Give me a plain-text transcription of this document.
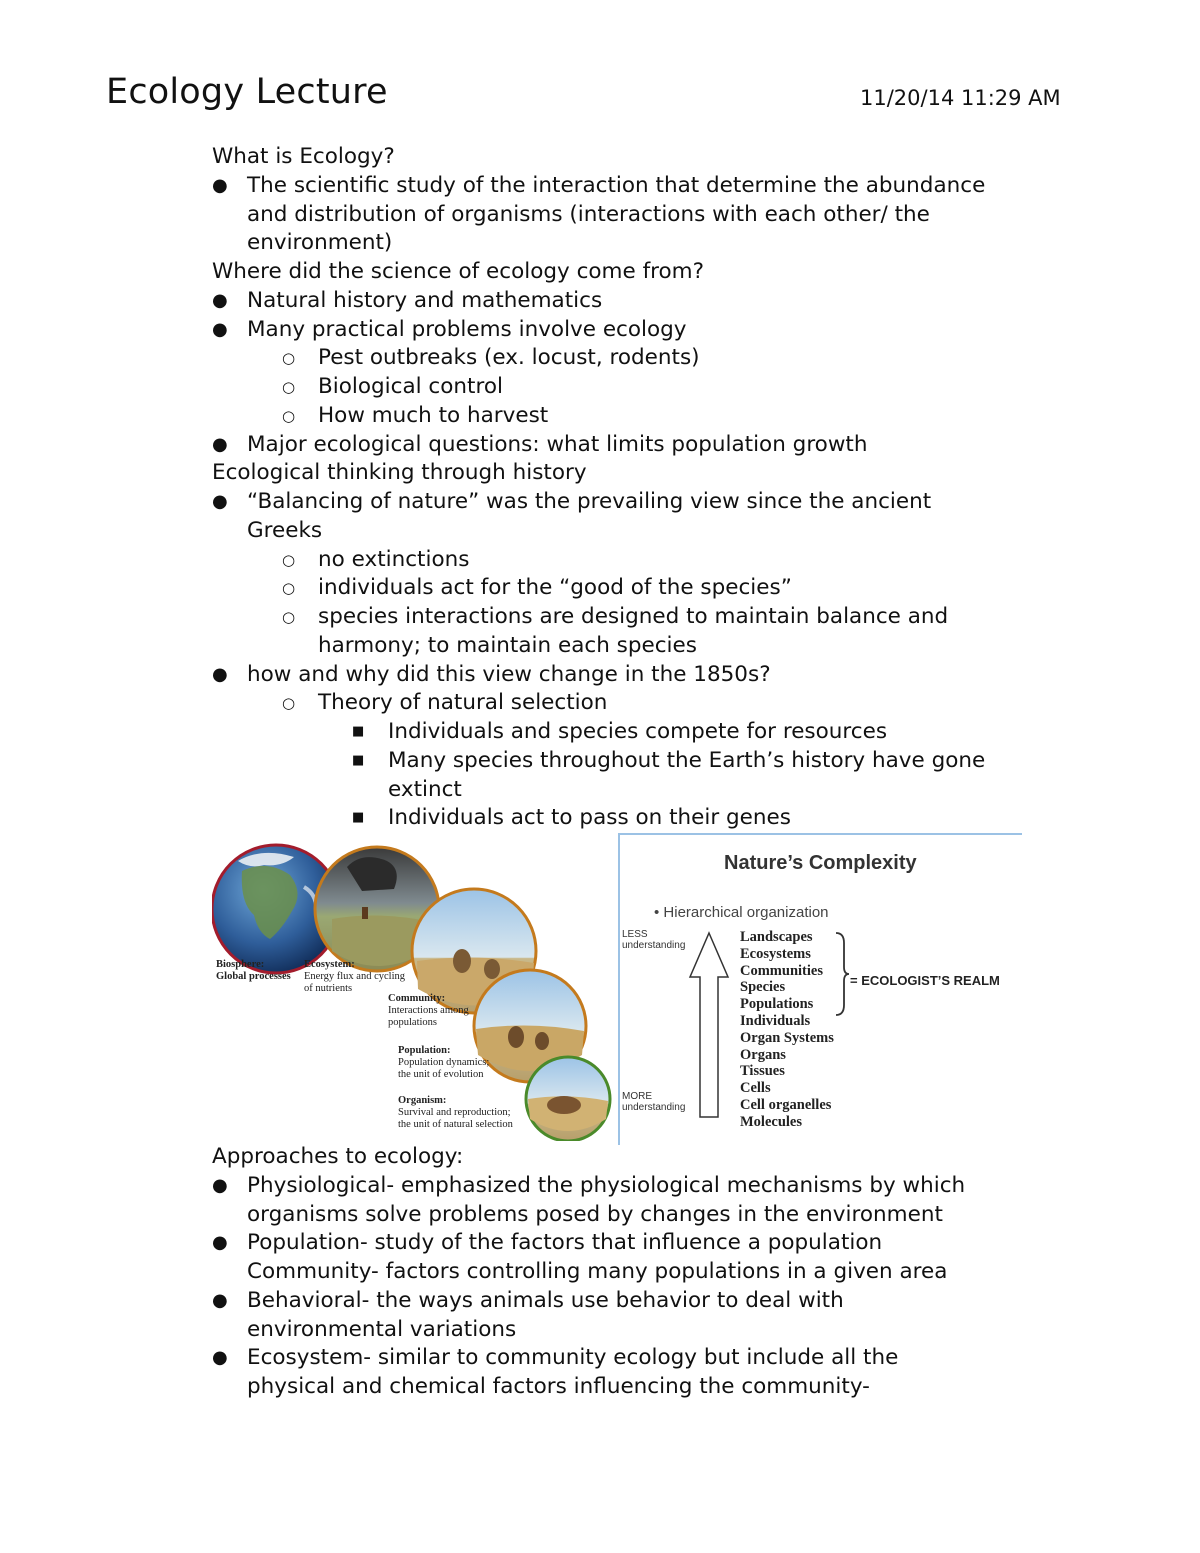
Ecology Lecture	11/20/14 11:29 AM
What is Ecology?
● The scientific study of the interaction that determine the abundance
and distribution of organisms (interactions with each other/ the
environment)
Where did the science of ecology come from?
● Natural history and mathematics
● Many practical problems involve ecology
○ Pest outbreaks (ex. locust, rodents)
○ Biological control
○ How much to harvest
● Major ecological questions: what limits population growth
Ecological thinking through history
● “Balancing of nature” was the prevailing view since the ancient
Greeks
○ no extinctions
○ individuals act for the “good of the species”
○ species interactions are designed to maintain balance and
harmony; to maintain each species
● how and why did this view change in the 1850s?
○ Theory of natural selection
■ Individuals and species compete for resources
■ Many species throughout the Earth’s history have gone
extinct
■ Individuals act to pass on their genes
Biosphere:
Global processes
Ecosystem:
Energy flux and cycling
of nutrients
Community:
Interactions among
populations
Population:
Population dynamics;
the unit of evolution
Organism:
Survival and reproduction;
the unit of natural selection
Nature’s Complexity
• Hierarchical organization
LESS
understanding
MORE
understanding
Landscapes
Ecosystems
Communities
Species
Populations
Individuals
Organ Systems
Organs
Tissues
Cells
Cell organelles
Molecules
= ECOLOGIST’S REALM
Approaches to ecology:
● Physiological- emphasized the physiological mechanisms by which
organisms solve problems posed by changes in the environment
● Population- study of the factors that influence a population
Community- factors controlling many populations in a given area
● Behavioral- the ways animals use behavior to deal with
environmental variations
● Ecosystem- similar to community ecology but include all the
physical and chemical factors influencing the community-
